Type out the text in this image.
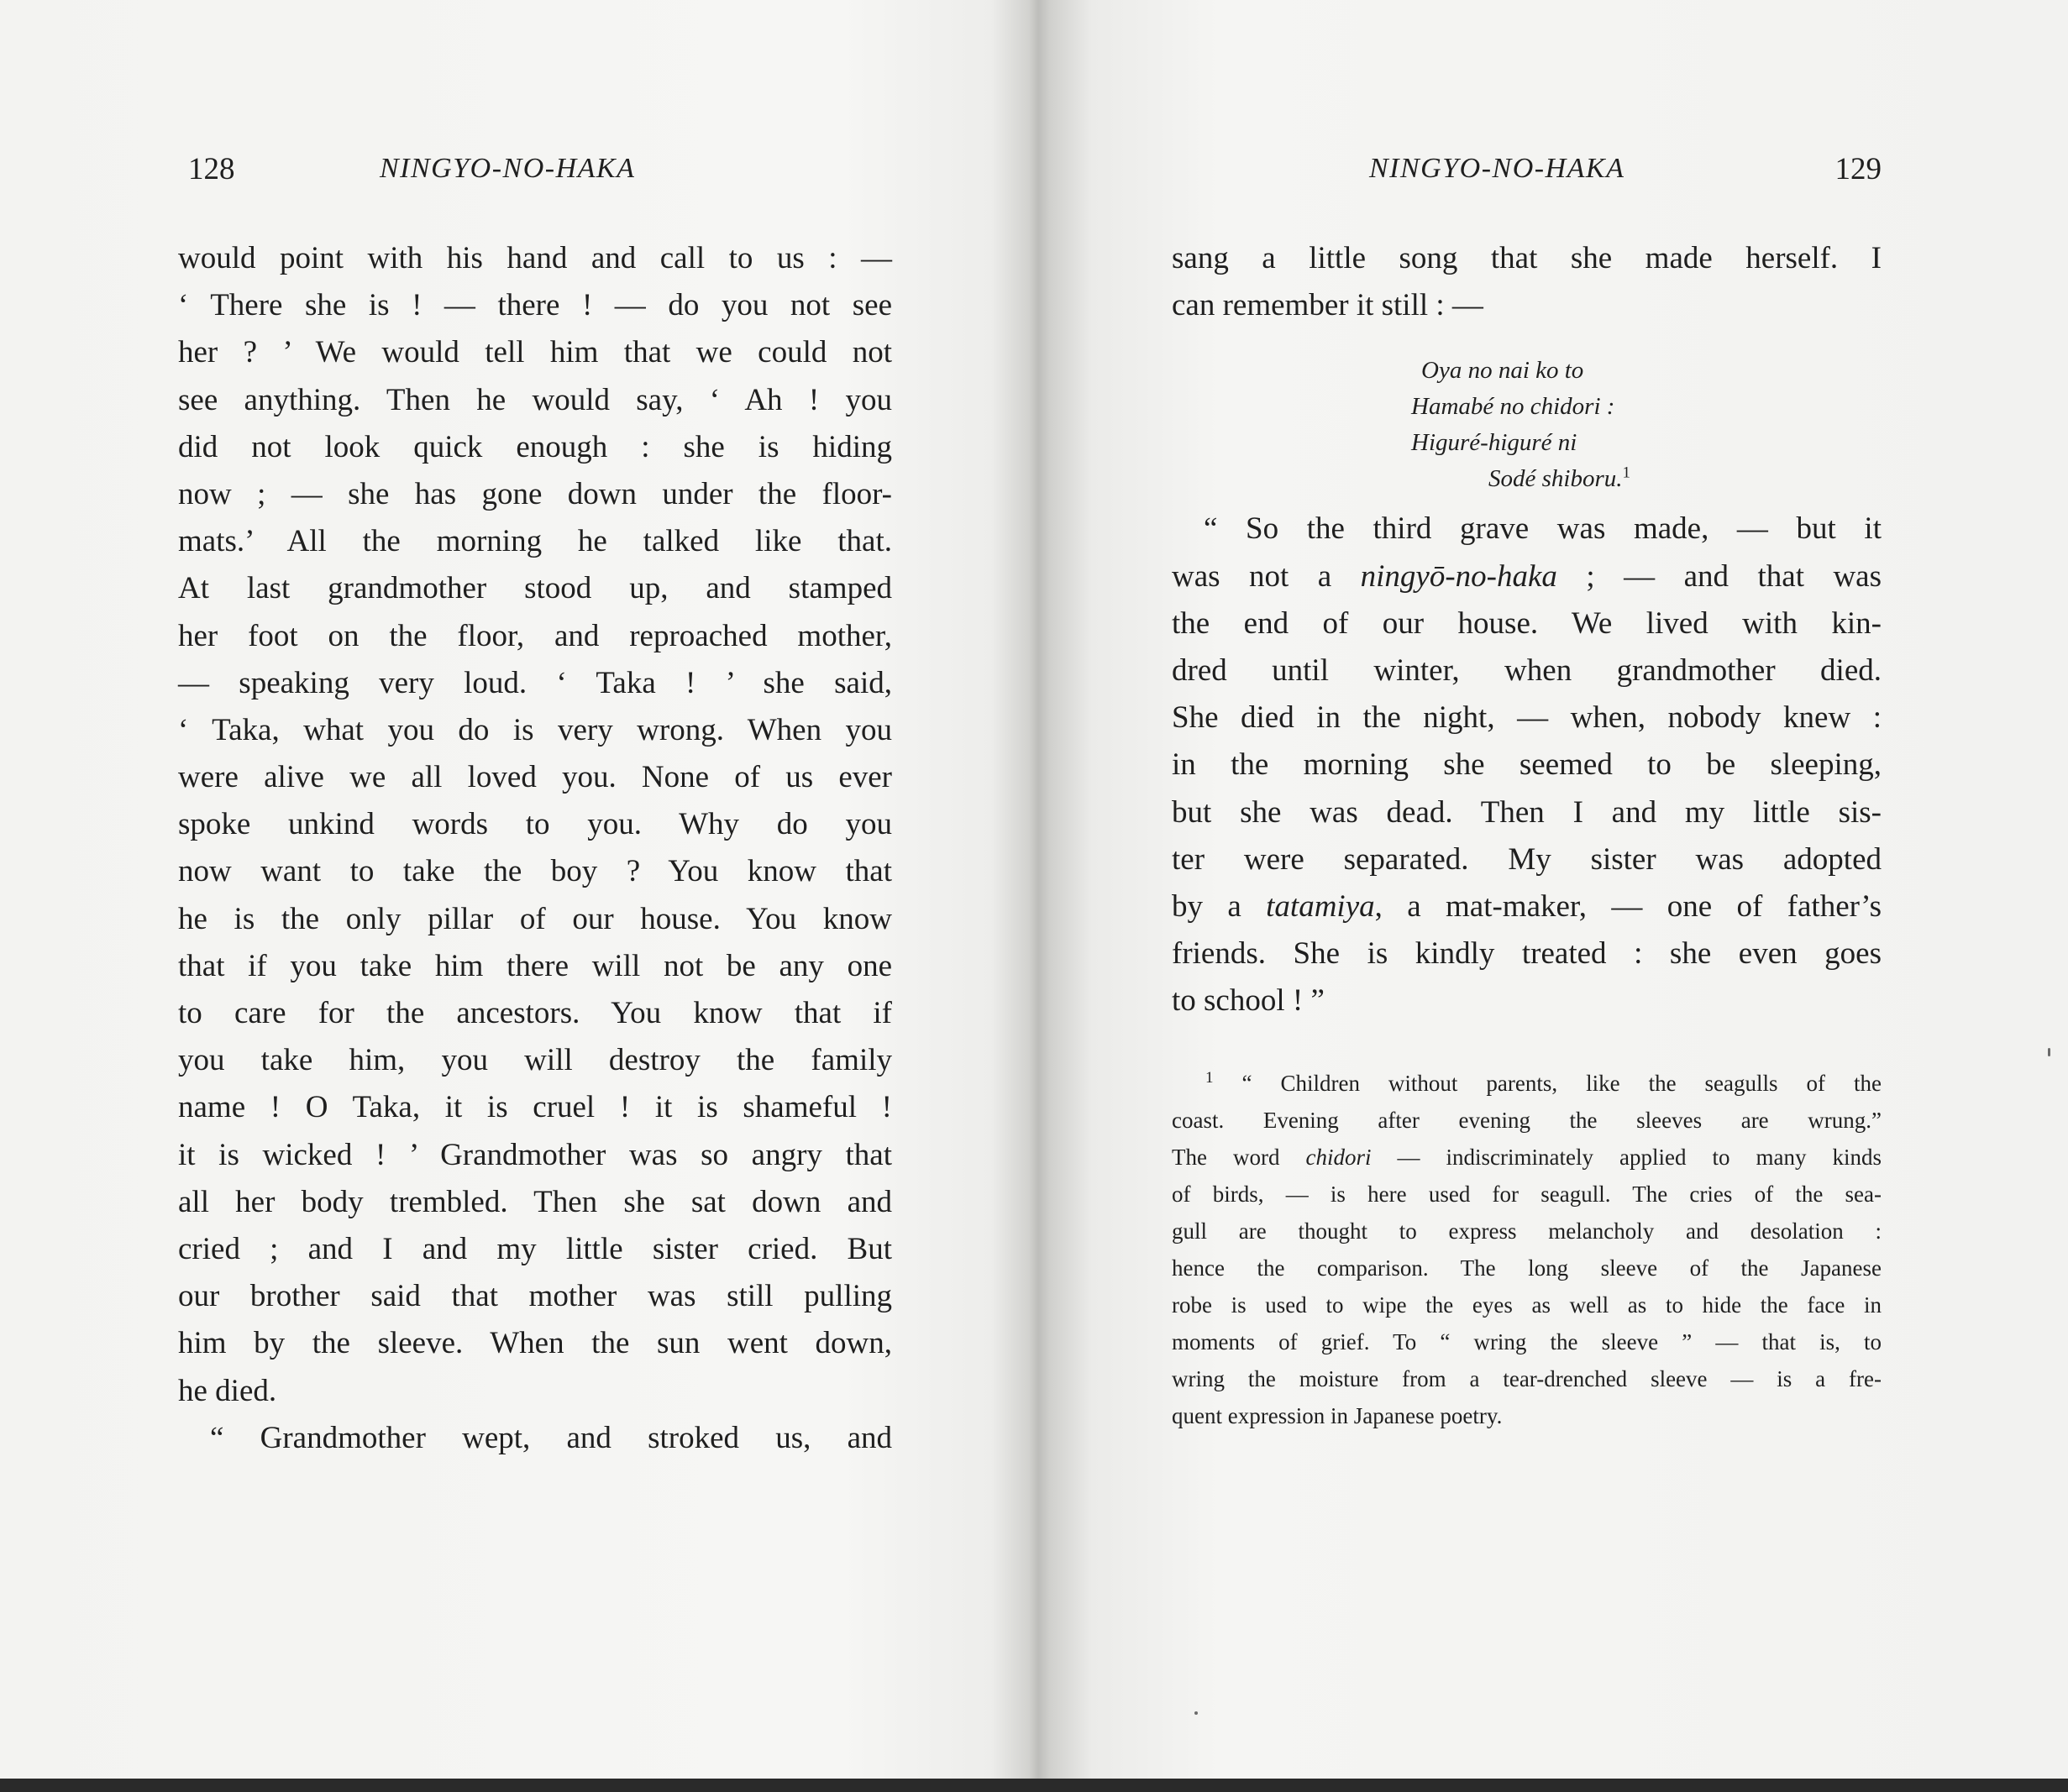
128	NINGYO-NO-HAKA
would point with his hand and call to us : —
‘ There she is ! — there ! — do you not see
her ? ’ We would tell him that we could not
see anything. Then he would say, ‘ Ah ! you
did not look quick enough : she is hiding
now ; — she has gone down under the floor-
mats.’ All the morning he talked like that.
At last grandmother stood up, and stamped
her foot on the floor, and reproached mother,
— speaking very loud. ‘ Taka ! ’ she said,
‘ Taka, what you do is very wrong. When you
were alive we all loved you. None of us ever
spoke unkind words to you. Why do you
now want to take the boy ? You know that
he is the only pillar of our house. You know
that if you take him there will not be any one
to care for the ancestors. You know that if
you take him, you will destroy the family
name ! O Taka, it is cruel ! it is shameful !
it is wicked ! ’ Grandmother was so angry that
all her body trembled. Then she sat down and
cried ; and I and my little sister cried. But
our brother said that mother was still pulling
him by the sleeve. When the sun went down,
he died.
“ Grandmother wept, and stroked us, and
NINGYO-NO-HAKA	129
sang a little song that she made herself. I
can remember it still : —
Oya no nai ko to
Hamabé no chidori :
Higuré-higuré ni
Sodé shiboru.$^1$
“ So the third grave was made, — but it
was not a ningyō-no-haka ; — and that was
the end of our house. We lived with kin-
dred until winter, when grandmother died.
She died in the night, — when, nobody knew :
in the morning she seemed to be sleeping,
but she was dead. Then I and my little sis-
ter were separated. My sister was adopted
by a tatamiya, a mat-maker, — one of father’s
friends. She is kindly treated : she even goes
to school ! ”
$^1$ “ Children without parents, like the seagulls of the
coast. Evening after evening the sleeves are wrung.”
The word chidori — indiscriminately applied to many kinds
of birds, — is here used for seagull. The cries of the sea-
gull are thought to express melancholy and desolation :
hence the comparison. The long sleeve of the Japanese
robe is used to wipe the eyes as well as to hide the face in
moments of grief. To “ wring the sleeve ” — that is, to
wring the moisture from a tear-drenched sleeve — is a fre-
quent expression in Japanese poetry.
